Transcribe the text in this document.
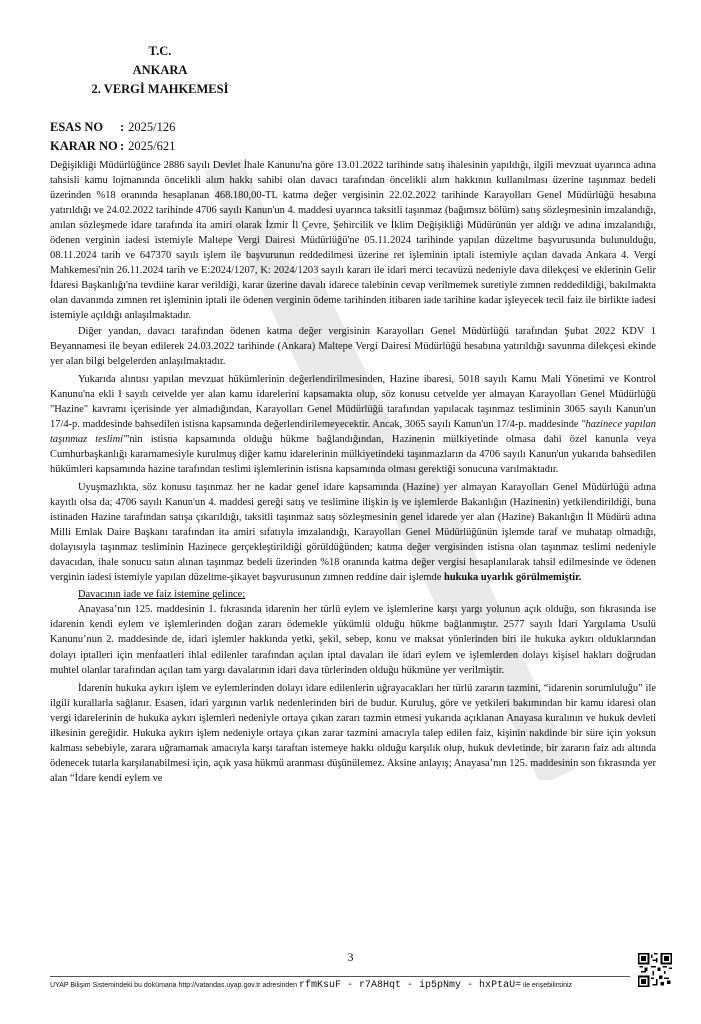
T.C.
ANKARA
2. VERGİ MAHKEMESİ
ESAS NO : 2025/126
KARAR NO : 2025/621

Değişikliği Müdürlüğünce 2886 sayılı Devlet İhale Kanunu'na göre 13.01.2022 tarihinde satış ihalesinin yapıldığı, ilgili mevzuat uyarınca adına tahsisli kamu lojmanında öncelikli alım hakkı sahibi olan davacı tarafından öncelikli alım hakkının kullanılması üzerine taşınmaz bedeli üzerinden %18 oranında hesaplanan 468.180,00-TL katma değer vergisinin 22.02.2022 tarihinde Karayolları Genel Müdürlüğü hesabına yatırıldığı ve 24.02.2022 tarihinde 4706 sayılı Kanun'un 4. maddesi uyarınca taksitli taşınmaz (bağımsız bölüm) satış sözleşmesinin imzalandığı, anılan sözleşmede idare tarafında ita amiri olarak İzmir İl Çevre, Şehircilik ve İklim Değişikliği Müdürünün yer aldığı ve adına imzalandığı, ödenen verginin iadesi istemiyle Maltepe Vergi Dairesi Müdürlüğü'ne 05.11.2024 tarihinde yapılan düzeltme başvurusunda bulunulduğu, 08.11.2024 tarih ve 647370 sayılı işlem ile başvurunun reddedilmesi üzerine ret işleminin iptali istemiyle açılan davada Ankara 4. Vergi Mahkemesi'nin 26.11.2024 tarih ve E:2024/1207, K: 2024/1203 sayılı kararı ile idari merci tecavüzü nedeniyle dava dilekçesi ve eklerinin Gelir İdaresi Başkanlığı'na tevdiine karar verildiği, karar üzerine davalı idarece talebinin cevap verilmemek suretiyle zımnen reddedildiği, bakılmakta olan davanında zımnen ret işleminin iptali ile ödenen verginin ödeme tarihinden itibaren iade tarihine kadar işleyecek tecil faiz ile birlikte iadesi istemiyle açıldığı anlaşılmaktadır.

Diğer yandan, davacı tarafından ödenen katma değer vergisinin Karayolları Genel Müdürlüğü tarafından Şubat 2022 KDV 1 Beyannamesi ile beyan edilerek 24.03.2022 tarihinde (Ankara) Maltepe Vergi Dairesi Müdürlüğü hesabına yatırıldığı savunma dilekçesi ekinde yer alan bilgi belgelerden anlaşılmaktadır.

Yukarıda alıntısı yapılan mevzuat hükümlerinin değerlendirilmesinden, Hazine ibaresi, 5018 sayılı Kamu Mali Yönetimi ve Kontrol Kanunu'na ekli I sayılı cetvelde yer alan kamu idarelerini kapsamakta olup, söz konusu cetvelde yer almayan Karayolları Genel Müdürlüğü "Hazine" kavramı içerisinde yer almadığından, Karayolları Genel Müdürlüğü tarafından yapılacak taşınmaz tesliminin 3065 sayılı Kanun'un 17/4-p. maddesinde bahsedilen istisna kapsamında değerlendirilemeyecektir. Ancak, 3065 sayılı Kanun'un 17/4-p. maddesinde "hazinece yapılan taşınmaz teslimi"'nin istisna kapsamında olduğu hükme bağlandığından, Hazinenin mülkiyetinde olmasa dahi özel kanunla veya Cumhurbaşkanlığı kararnamesiyle kurulmuş diğer kamu idarelerinin mülkiyetindeki taşınmazların da 4706 sayılı Kanun'un yukarıda bahsedilen hükümleri kapsamında hazine tarafından teslimi işlemlerinin istisna kapsamında olması gerektiği sonucuna varılmaktadır.

Uyuşmazlıkta, söz konusu taşınmaz her ne kadar genel idare kapsamında (Hazine) yer almayan Karayolları Genel Müdürlüğü adına kayıtlı olsa da; 4706 sayılı Kanun'un 4. maddesi gereği satış ve teslimine ilişkin iş ve işlemlerde Bakanlığın (Hazinenin) yetkilendirildiği, buna istinaden Hazine tarafından satışa çıkarıldığı, taksitli taşınmaz satış sözleşmesinin genel idarede yer alan (Hazine) Bakanlığın İl Müdürü adına Milli Emlak Daire Başkanı tarafından ita amiri sıfatıyla imzalandığı, Karayolları Genel Müdürlüğünün işlemde taraf ve muhatap olmadığı, dolayısıyla taşınmaz tesliminin Hazinece gerçekleştirildiği görüldüğünden; katma değer vergisinden istisna olan taşınmaz teslimi nedeniyle davacıdan, ihale sonucu satın alınan taşınmaz bedeli üzerinden %18 oranında katma değer vergisi hesaplanılarak tahsil edilmesinde ve ödenen verginin iadesi istemiyle yapılan düzeltme-şikayet başvurusunun zımnen reddine dair işlemde hukuka uyarlık görülmemiştir.

Davacının iade ve faiz istemine gelince;

Anayasa’nın 125. maddesinin 1. fıkrasında idarenin her türlü eylem ve işlemlerine karşı yargı yolunun açık olduğu, son fıkrasında ise idarenin kendi eylem ve işlemlerinden doğan zararı ödemekle yükümlü olduğu hükme bağlanmıştır. 2577 sayılı İdari Yargılama Usulü Kanunu’nun 2. maddesinde de, idari işlemler hakkında yetki, şekil, sebep, konu ve maksat yönlerinden biri ile hukuka aykırı olduklarından dolayı iptalleri için menfaatleri ihlal edilenler tarafından açılan iptal davaları ile idari eylem ve işlemlerden dolayı kişisel hakları doğrudan muhtel olanlar tarafından açılan tam yargı davalarının idari dava türlerinden olduğu hükmüne yer verilmiştir.

İdarenin hukuka aykırı işlem ve eylemlerinden dolayı idare edilenlerin uğrayacakları her türlü zararın tazmini, “idarenin sorumluluğu” ile ilgili kurallarla sağlanır. Esasen, idari yargının varlık nedenlerinden biri de budur. Kuruluş, göre ve yetkileri bakımından bir kamu idaresi olan vergi idarelerinin de hukuka aykırı işlemleri nedeniyle ortaya çıkan zararı tazmin etmesi yukarıda açıklanan Anayasa kuralının ve hukuk devleti ilkesinin gereğidir. Hukuka aykırı işlem nedeniyle ortaya çıkan zarar tazmini amacıyla talep edilen faiz, kişinin nakdinde bir süre için yoksun kalması sebebiyle, zarara uğramamak amacıyla karşı taraftan istemeye hakkı olduğu karşılık olup, hukuk devletinde, bir zararın faiz adı altında ödenecek tutarla karşılanabilmesi için, açık yasa hükmü aranması düşünülemez. Aksine anlayış; Anayasa’nın 125. maddesinin son fıkrasında yer alan “İdare kendi eylem ve

3
UYAP Bilişim Sistemindeki bu dokümana http://vatandas.uyap.gov.tr adresinden rfmKsuF - r7A8Hqt - ip5pNmy - hxPtaU= ile erişebilirsiniz
